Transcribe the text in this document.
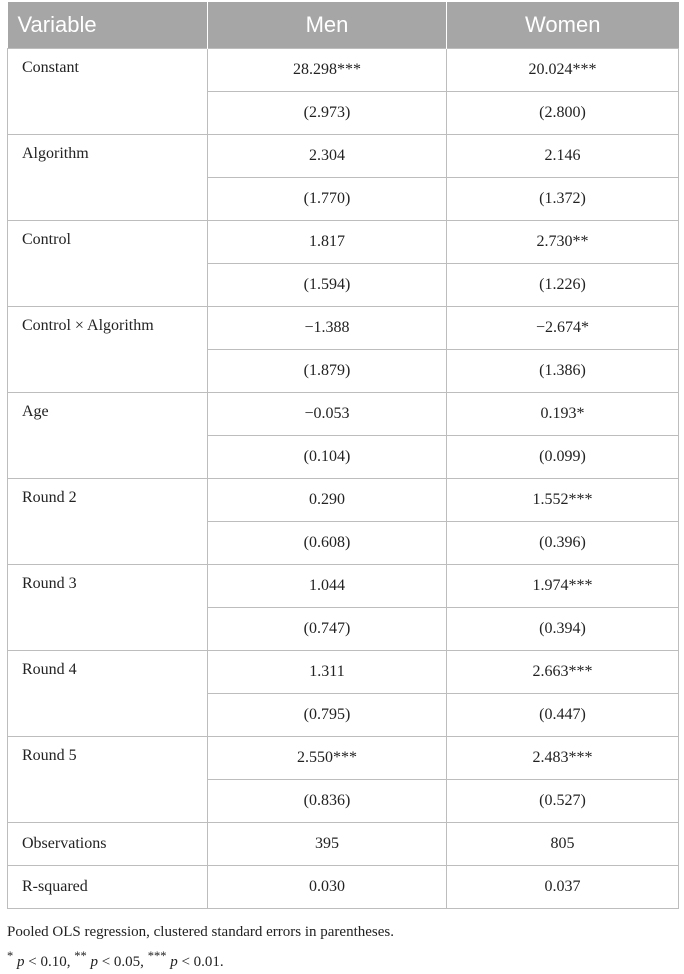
Variable	Men	Women
Constant	28.298***	20.024***
	(2.973)	(2.800)
Algorithm	2.304	2.146
	(1.770)	(1.372)
Control	1.817	2.730**
	(1.594)	(1.226)
Control × Algorithm	−1.388	−2.674*
	(1.879)	(1.386)
Age	−0.053	0.193*
	(0.104)	(0.099)
Round 2	0.290	1.552***
	(0.608)	(0.396)
Round 3	1.044	1.974***
	(0.747)	(0.394)
Round 4	1.311	2.663***
	(0.795)	(0.447)
Round 5	2.550***	2.483***
	(0.836)	(0.527)
Observations	395	805
R-squared	0.030	0.037
Pooled OLS regression, clustered standard errors in parentheses.
* p < 0.10, ** p < 0.05, *** p < 0.01.
